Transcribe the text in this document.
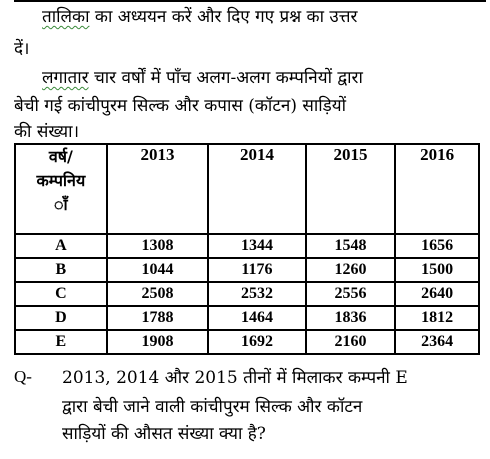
तालिका का अध्ययन करें और दिए गए प्रश्न का उत्तर
दें।
लगातार चार वर्षों में पाँच अलग-अलग कम्पनियों द्वारा
बेची गई कांचीपुरम सिल्क और कपास (कॉटन) साड़ियों
की संख्या।
वर्ष/
कम्पनिय
ाँ	2013	2014	2015	2016
A	1308	1344	1548	1656
B	1044	1176	1260	1500
C	2508	2532	2556	2640
D	1788	1464	1836	1812
E	1908	1692	2160	2364
Q- 2013, 2014 और 2015 तीनों में मिलाकर कम्पनी E
द्वारा बेची जाने वाली कांचीपुरम सिल्क और कॉटन
साड़ियों की औसत संख्या क्या है?
